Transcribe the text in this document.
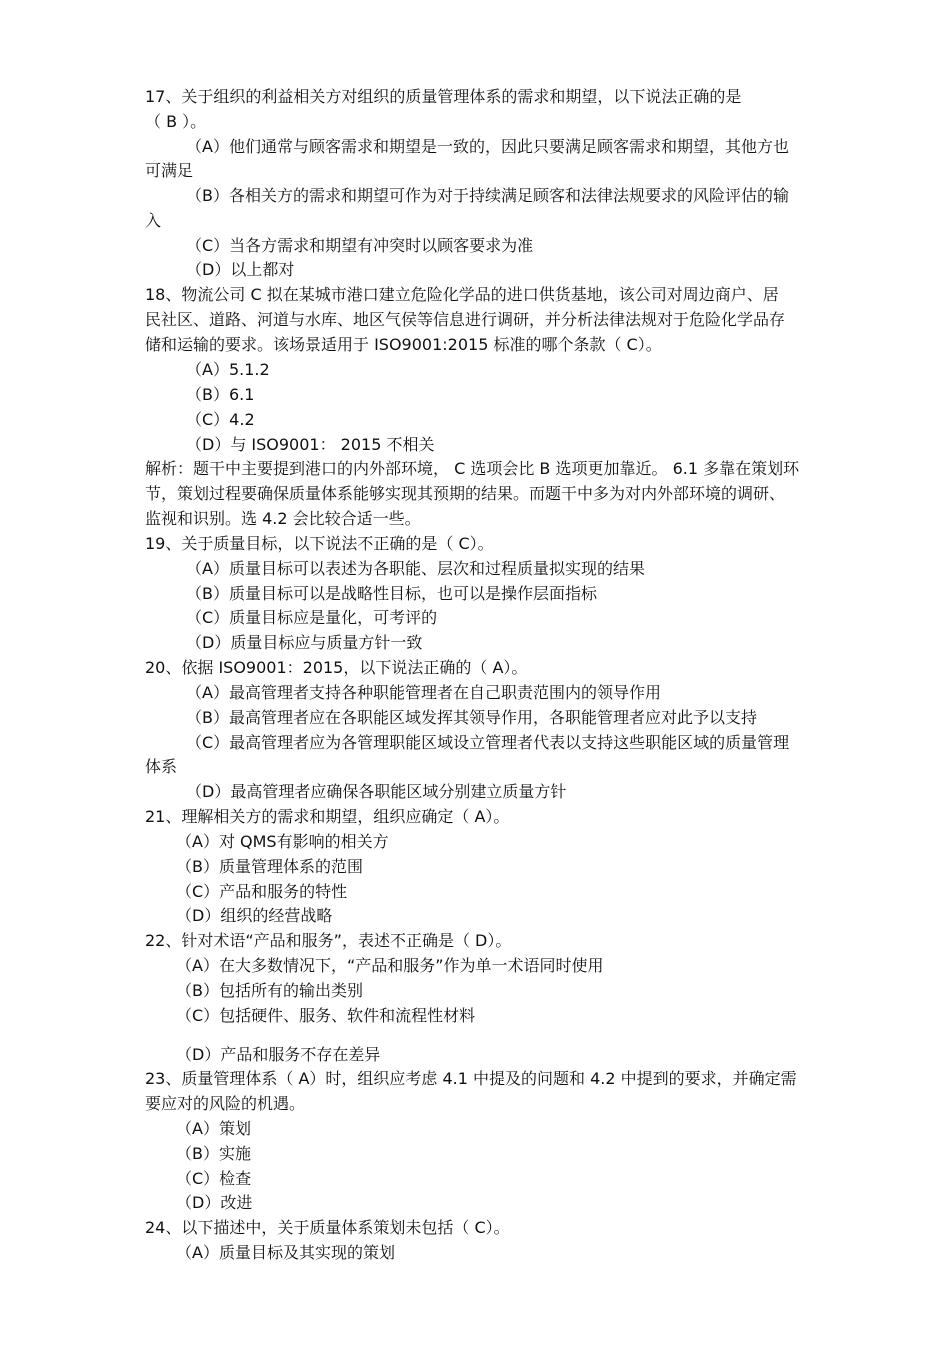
17、关于组织的利益相关方对组织的质量管理体系的需求和期望，以下说法正确的是
（ B ）。
（A）他们通常与顾客需求和期望是一致的，因此只要满足顾客需求和期望，其他方也
可满足
（B）各相关方的需求和期望可作为对于持续满足顾客和法律法规要求的风险评估的输
入
（C）当各方需求和期望有冲突时以顾客要求为准
（D）以上都对
18、物流公司 C 拟在某城市港口建立危险化学品的进口供货基地，该公司对周边商户、居
民社区、道路、河道与水库、地区气侯等信息进行调研，并分析法律法规对于危险化学品存
储和运输的要求。该场景适用于 ISO9001:2015 标准的哪个条款（ C）。
（A）5.1.2
（B）6.1
（C）4.2
（D）与 ISO9001： 2015 不相关
解析：题干中主要提到港口的内外部环境， C 选项会比 B 选项更加靠近。 6.1 多靠在策划环
节，策划过程要确保质量体系能够实现其预期的结果。而题干中多为对内外部环境的调研、
监视和识别。选 4.2 会比较合适一些。
19、关于质量目标，以下说法不正确的是（ C）。
（A）质量目标可以表述为各职能、层次和过程质量拟实现的结果
（B）质量目标可以是战略性目标，也可以是操作层面指标
（C）质量目标应是量化，可考评的
（D）质量目标应与质量方针一致
20、依据 ISO9001：2015，以下说法正确的（ A）。
（A）最高管理者支持各种职能管理者在自己职责范围内的领导作用
（B）最高管理者应在各职能区域发挥其领导作用，各职能管理者应对此予以支持
（C）最高管理者应为各管理职能区域设立管理者代表以支持这些职能区域的质量管理
体系
（D）最高管理者应确保各职能区域分别建立质量方针
21、理解相关方的需求和期望，组织应确定（ A）。
（A）对 QMS有影响的相关方
（B）质量管理体系的范围
（C）产品和服务的特性
（D）组织的经营战略
22、针对术语“产品和服务”，表述不正确是（ D）。
（A）在大多数情况下，“产品和服务”作为单一术语同时使用
（B）包括所有的输出类别
（C）包括硬件、服务、软件和流程性材料
（D）产品和服务不存在差异
23、质量管理体系（ A）时，组织应考虑 4.1 中提及的问题和 4.2 中提到的要求，并确定需
要应对的风险的机遇。
（A）策划
（B）实施
（C）检查
（D）改进
24、以下描述中，关于质量体系策划未包括（ C）。
（A）质量目标及其实现的策划
